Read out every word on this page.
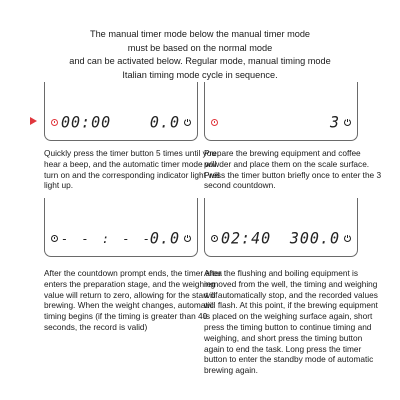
The manual timer mode below the manual timer mode
must be based on the normal mode
and can be activated below. Regular mode, manual timing mode
Italian timing mode cycle in sequence.
00:00	0.0	3
- - : - -
0.0	02:40 300.0
Quickly press the timer button 5 times until you
hear a beep, and the automatic timer mode will
turn on and the corresponding indicator light will
light up.
Prepare the brewing equipment and coffee
powder and place them on the scale surface.
Press the timer button briefly once to enter the 3
second countdown.
After the countdown prompt ends, the timer area
enters the preparation stage, and the weighing
value will return to zero, allowing for the start of
brewing. When the weight changes, automatic
timing begins (if the timing is greater than 40
seconds, the record is valid)
After the flushing and boiling equipment is
removed from the well, the timing and weighing
will automatically stop, and the recorded values
will flash. At this point, if the brewing equipment
is placed on the weighing surface again, short
press the timing button to continue timing and
weighing, and short press the timing button
again to end the task. Long press the timer
button to enter the standby mode of automatic
brewing again.
